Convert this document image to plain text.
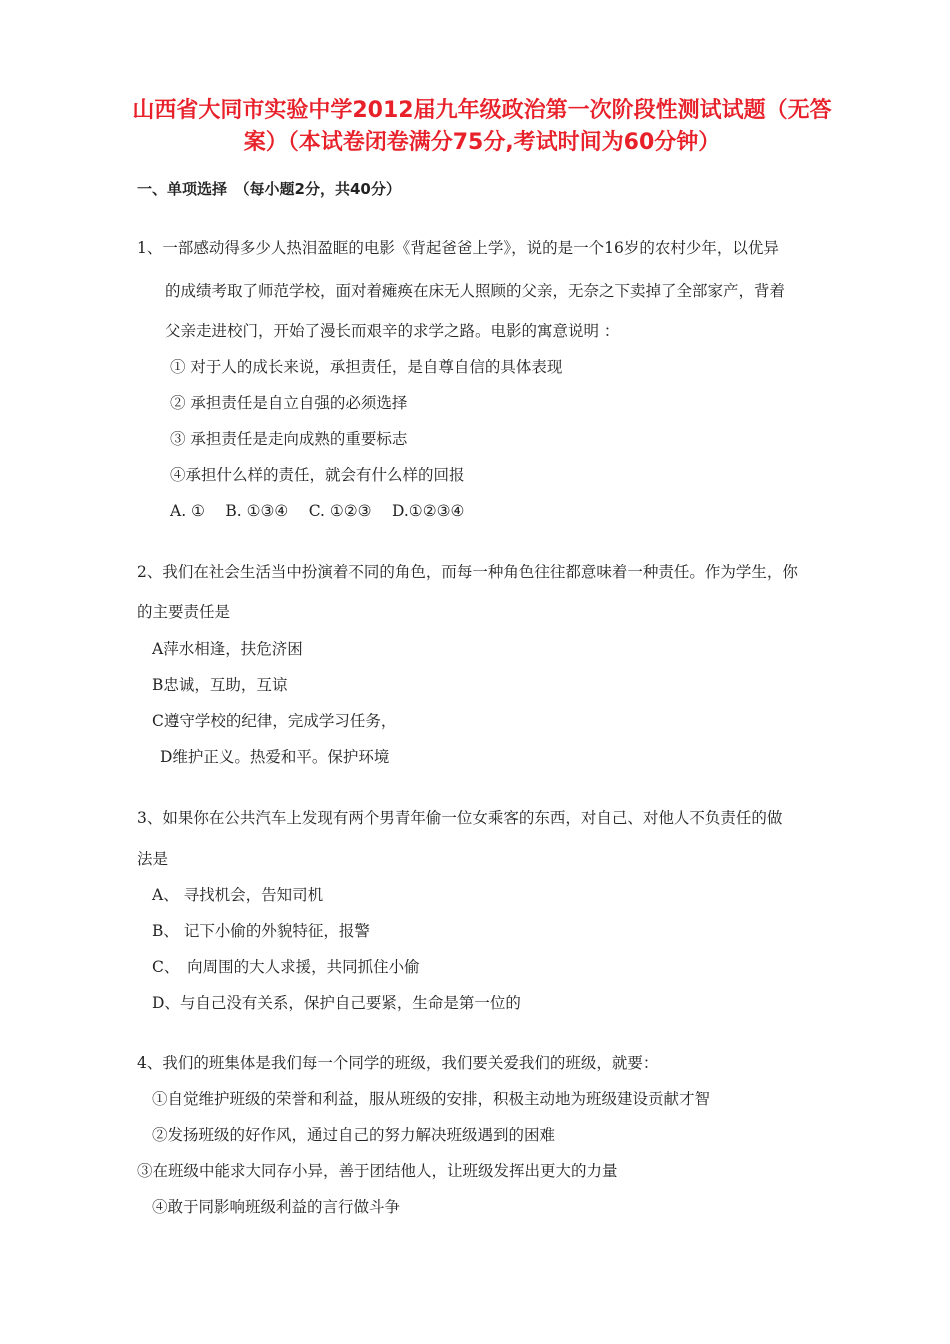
山西省大同市实验中学2012届九年级政治第一次阶段性测试试题（无答
案）（本试卷闭卷满分75分,考试时间为60分钟）
一、单项选择　（每小题2分，共40分）
1、一部感动得多少人热泪盈眶的电影《背起爸爸上学》，说的是一个16岁的农村少年，以优异
的成绩考取了师范学校，面对着瘫痪在床无人照顾的父亲，无奈之下卖掉了全部家产，背着
父亲走进校门，开始了漫长而艰辛的求学之路。电影的寓意说明 ：
① 对于人的成长来说，承担责任，是自尊自信的具体表现
② 承担责任是自立自强的必须选择
③ 承担责任是走向成熟的重要标志
④承担什么样的责任，就会有什么样的回报
A. ①　 B. ①③④　 C. ①②③　 D.①②③④
2、我们在社会生活当中扮演着不同的角色，而每一种角色往往都意味着一种责任。作为学生，你
的主要责任是
A萍水相逢，扶危济困
B忠诚，互助，互谅
C遵守学校的纪律，完成学习任务，
D维护正义。热爱和平。保护环境
3、如果你在公共汽车上发现有两个男青年偷一位女乘客的东西，对自己、对他人不负责任的做
法是
A、 寻找机会，告知司机
B、 记下小偷的外貌特征，报警
C、　向周围的大人求援，共同抓住小偷
D、与自己没有关系，保护自己要紧，生命是第一位的
4、我们的班集体是我们每一个同学的班级，我们要关爱我们的班级，就要：
①自觉维护班级的荣誉和利益，服从班级的安排，积极主动地为班级建设贡献才智
②发扬班级的好作风，通过自己的努力解决班级遇到的困难
③在班级中能求大同存小异，善于团结他人，让班级发挥出更大的力量
④敢于同影响班级利益的言行做斗争
